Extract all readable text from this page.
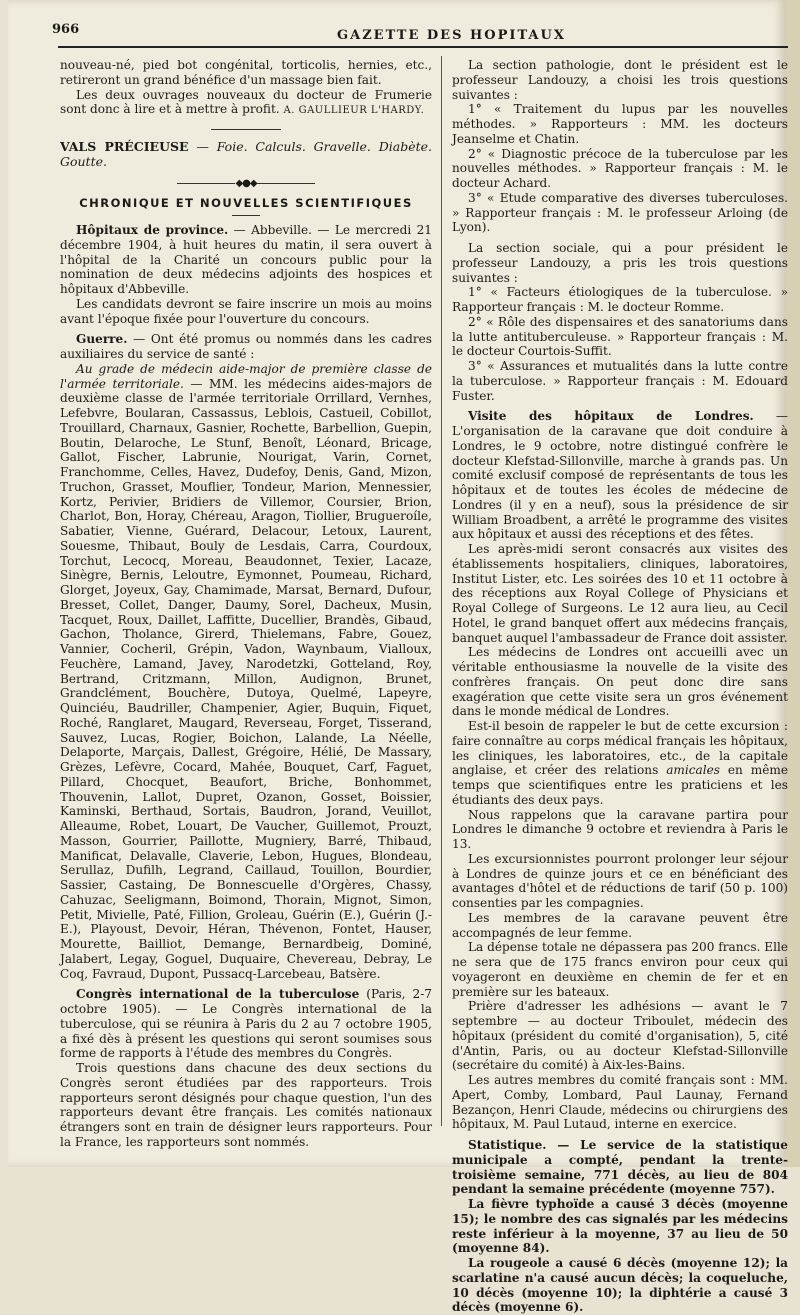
966	GAZETTE DES HOPITAUX

nouveau-né, pied bot congénital, torticolis, hernies, etc., retireront un grand bénéfice d'un massage bien fait.

Les deux ouvrages nouveaux du docteur de Frumerie sont donc à lire et à mettre à profit. A. GAULLIEUR L'HARDY.

VALS PRÉCIEUSE — Foie. Calculs. Gravelle. Diabète. Goutte.

◆●◆
CHRONIQUE ET NOUVELLES SCIENTIFIQUES

Hôpitaux de province. — Abbeville. — Le mercredi 21 décembre 1904, à huit heures du matin, il sera ouvert à l'hôpital de la Charité un concours public pour la nomination de deux médecins adjoints des hospices et hôpitaux d'Abbeville.

Les candidats devront se faire inscrire un mois au moins avant l'époque fixée pour l'ouverture du concours.

Guerre. — Ont été promus ou nommés dans les cadres auxiliaires du service de santé :

Au grade de médecin aide-major de première classe de l'armée territoriale. — MM. les médecins aides-majors de deuxième classe de l'armée territoriale Orrillard, Vernhes, Lefebvre, Boularan, Cassassus, Leblois, Castueil, Cobillot, Trouillard, Charnaux, Gasnier, Rochette, Barbellion, Guepin, Boutin, Delaroche, Le Stunf, Benoît, Léonard, Bricage, Gallot, Fischer, Labrunie, Nourigat, Varin, Cornet, Franchomme, Celles, Havez, Dudefoy, Denis, Gand, Mizon, Truchon, Grasset, Mouflier, Tondeur, Marion, Mennessier, Kortz, Perivier, Bridiers de Villemor, Coursier, Brion, Charlot, Bon, Horay, Chéreau, Aragon, Tiollier, Brugueroíle, Sabatier, Vienne, Guérard, Delacour, Letoux, Laurent, Souesme, Thibaut, Bouly de Lesdais, Carra, Courdoux, Torchut, Lecocq, Moreau, Beaudonnet, Texier, Lacaze, Sinègre, Bernis, Leloutre, Eymonnet, Poumeau, Richard, Glorget, Joyeux, Gay, Chamimade, Marsat, Bernard, Dufour, Bresset, Collet, Danger, Daumy, Sorel, Dacheux, Musin, Tacquet, Roux, Daillet, Laffitte, Ducellier, Brandès, Gibaud, Gachon, Tholance, Girerd, Thielemans, Fabre, Gouez, Vannier, Cocheril, Grépin, Vadon, Waynbaum, Vialloux, Feuchère, Lamand, Javey, Narodetzki, Gotteland, Roy, Bertrand, Critzmann, Millon, Audignon, Brunet, Grandclément, Bouchère, Dutoya, Quelmé, Lapeyre, Quinciéu, Baudriller, Champenier, Agier, Buquin, Fiquet, Roché, Ranglaret, Maugard, Reverseau, Forget, Tisserand, Sauvez, Lucas, Rogier, Boichon, Lalande, La Néelle, Delaporte, Marçais, Dallest, Grégoire, Hélié, De Massary, Grèzes, Lefèvre, Cocard, Mahée, Bouquet, Carf, Faguet, Pillard, Chocquet, Beaufort, Briche, Bonhommet, Thouvenin, Lallot, Dupret, Ozanon, Gosset, Boissier, Kaminski, Berthaud, Sortais, Baudron, Jorand, Veuillot, Alleaume, Robet, Louart, De Vaucher, Guillemot, Prouzt, Masson, Gourrier, Paillotte, Mugniery, Barré, Thibaud, Manificat, Delavalle, Claverie, Lebon, Hugues, Blondeau, Serullaz, Dufilh, Legrand, Caillaud, Touillon, Bourdier, Sassier, Castaing, De Bonnescuelle d'Orgères, Chassy, Cahuzac, Seeligmann, Boimond, Thorain, Mignot, Simon, Petit, Mivielle, Paté, Fillion, Groleau, Guérin (E.), Guérin (J.-E.), Playoust, Devoir, Héran, Thévenon, Fontet, Hauser, Mourette, Bailliot, Demange, Bernardbeig, Dominé, Jalabert, Legay, Goguel, Duquaire, Chevereau, Debray, Le Coq, Favraud, Dupont, Pussacq-Larcebeau, Batsère.

Congrès international de la tuberculose (Paris, 2-7 octobre 1905). — Le Congrès international de la tuberculose, qui se réunira à Paris du 2 au 7 octobre 1905, a fixé dès à présent les questions qui seront soumises sous forme de rapports à l'étude des membres du Congrès.

Trois questions dans chacune des deux sections du Congrès seront étudiées par des rapporteurs. Trois rapporteurs seront désignés pour chaque question, l'un des rapporteurs devant être français. Les comités nationaux étrangers sont en train de désigner leurs rapporteurs. Pour la France, les rapporteurs sont nommés.

La section pathologie, dont le président est le professeur Landouzy, a choisi les trois questions suivantes :

1° « Traitement du lupus par les nouvelles méthodes. » Rapporteurs : MM. les docteurs Jeanselme et Chatin.

2° « Diagnostic précoce de la tuberculose par les nouvelles méthodes. » Rapporteur français : M. le docteur Achard.

3° « Etude comparative des diverses tuberculoses. » Rapporteur français : M. le professeur Arloing (de Lyon).

La section sociale, qui a pour président le professeur Landouzy, a pris les trois questions suivantes :

1° « Facteurs étiologiques de la tuberculose. » Rapporteur français : M. le docteur Romme.

2° « Rôle des dispensaires et des sanatoriums dans la lutte antituberculeuse. » Rapporteur français : M. le docteur Courtois-Suffit.

3° « Assurances et mutualités dans la lutte contre la tuberculose. » Rapporteur français : M. Edouard Fuster.

Visite des hôpitaux de Londres. — L'organisation de la caravane que doit conduire à Londres, le 9 octobre, notre distingué confrère le docteur Klefstad-Sillonville, marche à grands pas. Un comité exclusif composé de représentants de tous les hôpitaux et de toutes les écoles de médecine de Londres (il y en a neuf), sous la présidence de sir William Broadbent, a arrêté le programme des visites aux hôpitaux et aussi des réceptions et des fêtes.

Les après-midi seront consacrés aux visites des établissements hospitaliers, cliniques, laboratoires, Institut Lister, etc. Les soirées des 10 et 11 octobre à des réceptions aux Royal College of Physicians et Royal College of Surgeons. Le 12 aura lieu, au Cecil Hotel, le grand banquet offert aux médecins français, banquet auquel l'ambassadeur de France doit assister.

Les médecins de Londres ont accueilli avec un véritable enthousiasme la nouvelle de la visite des confrères français. On peut donc dire sans exagération que cette visite sera un gros événement dans le monde médical de Londres.

Est-il besoin de rappeler le but de cette excursion : faire connaître au corps médical français les hôpitaux, les cliniques, les laboratoires, etc., de la capitale anglaise, et créer des relations amicales en même temps que scientifiques entre les praticiens et les étudiants des deux pays.

Nous rappelons que la caravane partira pour Londres le dimanche 9 octobre et reviendra à Paris le 13.

Les excursionnistes pourront prolonger leur séjour à Londres de quinze jours et ce en bénéficiant des avantages d'hôtel et de réductions de tarif (50 p. 100) consenties par les compagnies.

Les membres de la caravane peuvent être accompagnés de leur femme.

La dépense totale ne dépassera pas 200 francs. Elle ne sera que de 175 francs environ pour ceux qui voyageront en deuxième en chemin de fer et en première sur les bateaux.

Prière d'adresser les adhésions — avant le 7 septembre — au docteur Triboulet, médecin des hôpitaux (président du comité d'organisation), 5, cité d'Antin, Paris, ou au docteur Klefstad-Sillonville (secrétaire du comité) à Aix-les-Bains.

Les autres membres du comité français sont : MM. Apert, Comby, Lombard, Paul Launay, Fernand Bezançon, Henri Claude, médecins ou chirurgiens des hôpitaux, M. Paul Lutaud, interne en exercice.

Statistique. — Le service de la statistique municipale a compté, pendant la trente-troisième semaine, 771 décès, au lieu de 804 pendant la semaine précédente (moyenne 757).

La fièvre typhoïde a causé 3 décès (moyenne 15); le nombre des cas signalés par les médecins reste inférieur à la moyenne, 37 au lieu de 50 (moyenne 84).

La rougeole a causé 6 décès (moyenne 12); la scarlatine n'a causé aucun décès; la coqueluche, 10 décès (moyenne 10); la diphtérie a causé 3 décès (moyenne 6).
